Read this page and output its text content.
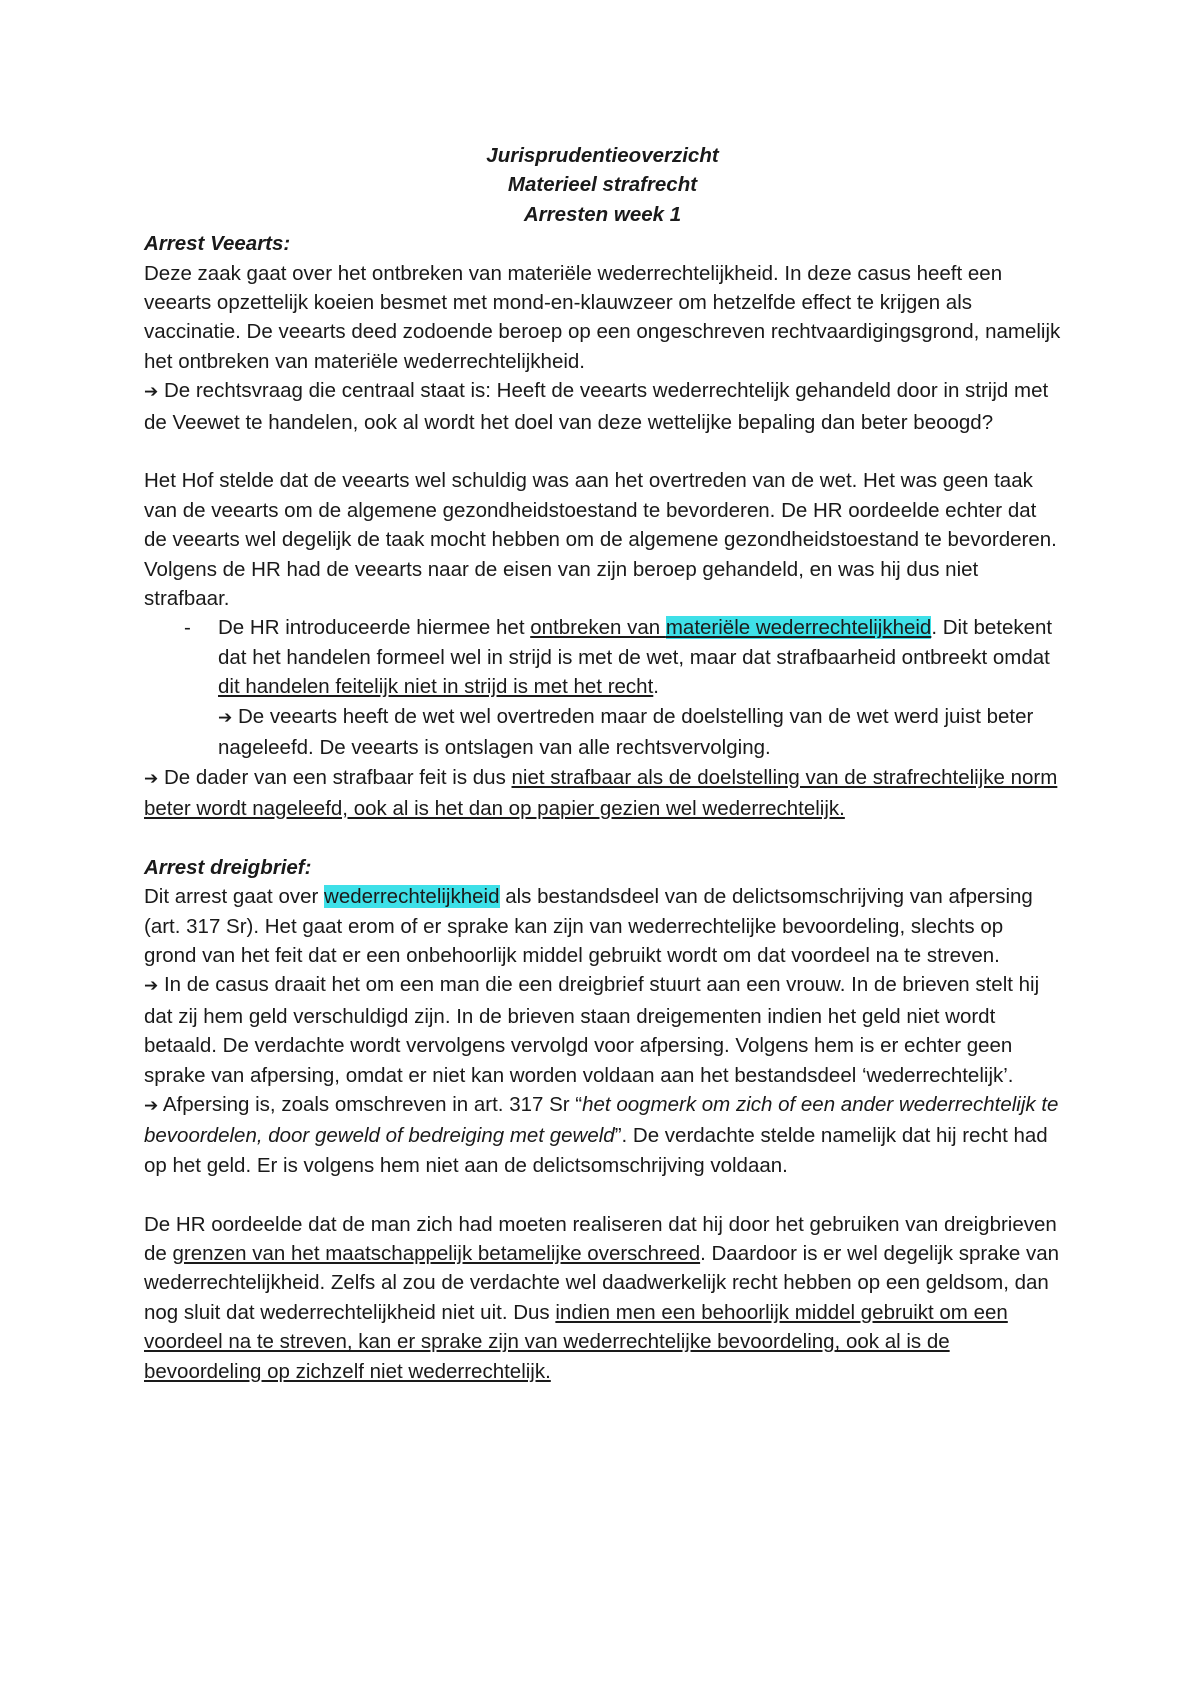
Jurisprudentieoverzicht
Materieel strafrecht
Arresten week 1

Arrest Veearts:

Deze zaak gaat over het ontbreken van materiële wederrechtelijkheid. In deze casus heeft een veearts opzettelijk koeien besmet met mond-en-klauwzeer om hetzelfde effect te krijgen als vaccinatie. De veearts deed zodoende beroep op een ongeschreven rechtvaardigingsgrond, namelijk het ontbreken van materiële wederrechtelijkheid.

➔ De rechtsvraag die centraal staat is: Heeft de veearts wederrechtelijk gehandeld door in strijd met de Veewet te handelen, ook al wordt het doel van deze wettelijke bepaling dan beter beoogd?

Het Hof stelde dat de veearts wel schuldig was aan het overtreden van de wet. Het was geen taak van de veearts om de algemene gezondheidstoestand te bevorderen. De HR oordeelde echter dat de veearts wel degelijk de taak mocht hebben om de algemene gezondheidstoestand te bevorderen. Volgens de HR had de veearts naar de eisen van zijn beroep gehandeld, en was hij dus niet strafbaar.

- De HR introduceerde hiermee het ontbreken van materiële wederrechtelijkheid. Dit betekent dat het handelen formeel wel in strijd is met de wet, maar dat strafbaarheid ontbreekt omdat dit handelen feitelijk niet in strijd is met het recht.

➔ De veearts heeft de wet wel overtreden maar de doelstelling van de wet werd juist beter nageleefd. De veearts is ontslagen van alle rechtsvervolging.

➔ De dader van een strafbaar feit is dus niet strafbaar als de doelstelling van de strafrechtelijke norm beter wordt nageleefd, ook al is het dan op papier gezien wel wederrechtelijk.

Arrest dreigbrief:

Dit arrest gaat over wederrechtelijkheid als bestandsdeel van de delictsomschrijving van afpersing (art. 317 Sr). Het gaat erom of er sprake kan zijn van wederrechtelijke bevoordeling, slechts op grond van het feit dat er een onbehoorlijk middel gebruikt wordt om dat voordeel na te streven.

➔ In de casus draait het om een man die een dreigbrief stuurt aan een vrouw. In de brieven stelt hij dat zij hem geld verschuldigd zijn. In de brieven staan dreigementen indien het geld niet wordt betaald. De verdachte wordt vervolgens vervolgd voor afpersing. Volgens hem is er echter geen sprake van afpersing, omdat er niet kan worden voldaan aan het bestandsdeel ‘wederrechtelijk’.

➔ Afpersing is, zoals omschreven in art. 317 Sr “het oogmerk om zich of een ander wederrechtelijk te bevoordelen, door geweld of bedreiging met geweld”. De verdachte stelde namelijk dat hij recht had op het geld. Er is volgens hem niet aan de delictsomschrijving voldaan.

De HR oordeelde dat de man zich had moeten realiseren dat hij door het gebruiken van dreigbrieven de grenzen van het maatschappelijk betamelijke overschreed. Daardoor is er wel degelijk sprake van wederrechtelijkheid. Zelfs al zou de verdachte wel daadwerkelijk recht hebben op een geldsom, dan nog sluit dat wederrechtelijkheid niet uit. Dus indien men een behoorlijk middel gebruikt om een voordeel na te streven, kan er sprake zijn van wederrechtelijke bevoordeling, ook al is de bevoordeling op zichzelf niet wederrechtelijk.
